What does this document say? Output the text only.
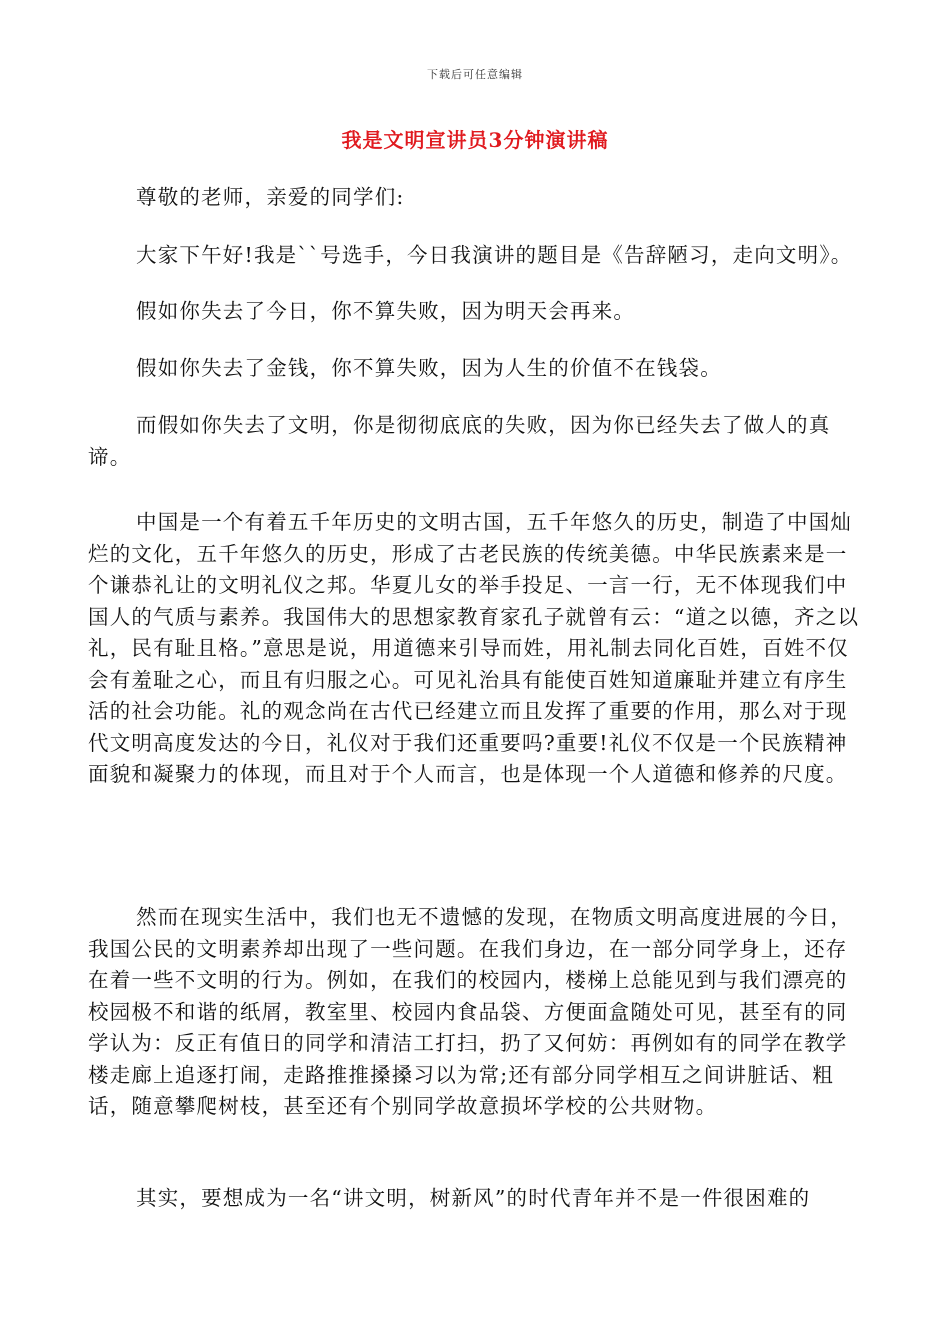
下载后可任意编辑
我是文明宣讲员3分钟演讲稿

尊敬的老师，亲爱的同学们:

大家下午好!我是``号选手，今日我演讲的题目是《告辞陋习，走向文明》。

假如你失去了今日，你不算失败，因为明天会再来。

假如你失去了金钱，你不算失败，因为人生的价值不在钱袋。

而假如你失去了文明，你是彻彻底底的失败，因为你已经失去了做人的真谛。

中国是一个有着五千年历史的文明古国，五千年悠久的历史，制造了中国灿烂的文化，五千年悠久的历史，形成了古老民族的传统美德。中华民族素来是一个谦恭礼让的文明礼仪之邦。华夏儿女的举手投足、一言一行，无不体现我们中国人的气质与素养。我国伟大的思想家教育家孔子就曾有云：“道之以德，齐之以礼，民有耻且格。”意思是说，用道德来引导而姓，用礼制去同化百姓，百姓不仅会有羞耻之心，而且有归服之心。可见礼治具有能使百姓知道廉耻并建立有序生活的社会功能。礼的观念尚在古代已经建立而且发挥了重要的作用，那么对于现代文明高度发达的今日，礼仪对于我们还重要吗?重要!礼仪不仅是一个民族精神面貌和凝聚力的体现，而且对于个人而言，也是体现一个人道德和修养的尺度。

然而在现实生活中，我们也无不遗憾的发现，在物质文明高度进展的今日，我国公民的文明素养却出现了一些问题。在我们身边，在一部分同学身上，还存在着一些不文明的行为。例如，在我们的校园内，楼梯上总能见到与我们漂亮的校园极不和谐的纸屑，教室里、校园内食品袋、方便面盒随处可见，甚至有的同学认为：反正有值日的同学和清洁工打扫，扔了又何妨：再例如有的同学在教学楼走廊上追逐打闹，走路推推搡搡习以为常;还有部分同学相互之间讲脏话、粗话，随意攀爬树枝，甚至还有个别同学故意损坏学校的公共财物。

其实，要想成为一名“讲文明，树新风”的时代青年并不是一件很困难的
